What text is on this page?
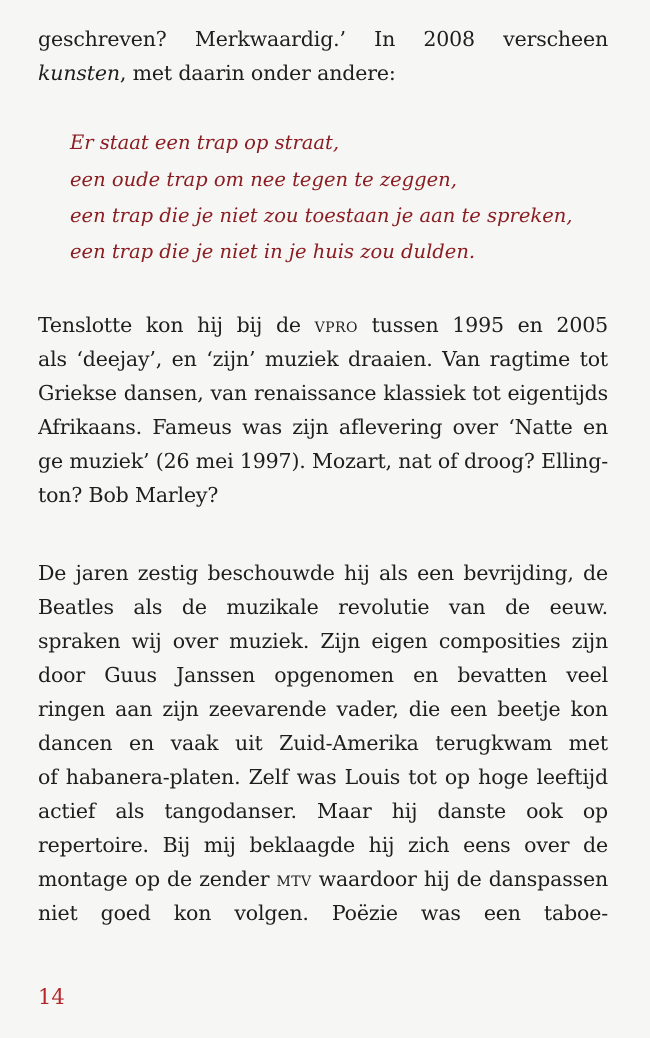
geschreven? Merkwaardig.’ In 2008 verscheen
kunsten, met daarin onder andere:
Er staat een trap op straat,
een oude trap om nee tegen te zeggen,
een trap die je niet zou toestaan je aan te spreken,
een trap die je niet in je huis zou dulden.
Tenslotte kon hij bij de vpro tussen 1995 en 2005
als ‘deejay’, en ‘zijn’ muziek draaien. Van ragtime tot
Griekse dansen, van renaissance klassiek tot eigentijds
Afrikaans. Fameus was zijn aflevering over ‘Natte en
ge muziek’ (26 mei 1997). Mozart, nat of droog? Elling-
ton? Bob Marley?
De jaren zestig beschouwde hij als een bevrijding, de
Beatles als de muzikale revolutie van de eeuw.
spraken wij over muziek. Zijn eigen composities zijn
door Guus Janssen opgenomen en bevatten veel
ringen aan zijn zeevarende vader, die een beetje kon
dancen en vaak uit Zuid-Amerika terugkwam met
of habanera-platen. Zelf was Louis tot op hoge leeftijd
actief als tangodanser. Maar hij danste ook op
repertoire. Bij mij beklaagde hij zich eens over de
montage op de zender mtv waardoor hij de danspassen
niet goed kon volgen. Poëzie was een taboe-
14
